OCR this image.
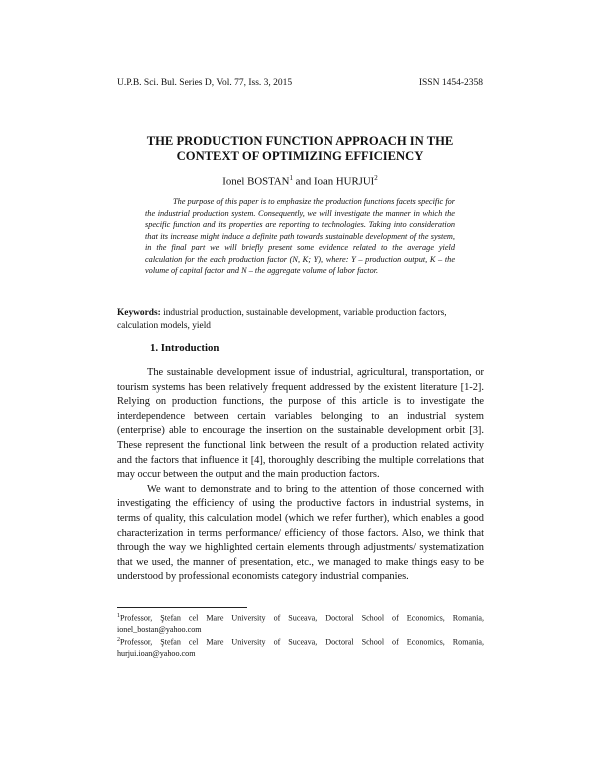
U.P.B. Sci. Bul. Series D, Vol. 77, Iss. 3, 2015	ISSN 1454-2358
THE PRODUCTION FUNCTION APPROACH IN THE
CONTEXT OF OPTIMIZING EFFICIENCY
Ionel BOSTAN$^1$ and Ioan HURJUI$^2$
The purpose of this paper is to emphasize the production functions facets specific for the industrial production system. Consequently, we will investigate the manner in which the specific function and its properties are reporting to technologies. Taking into consideration that its increase might induce a definite path towards sustainable development of the system, in the final part we will briefly present some evidence related to the average yield calculation for the each production factor (N, K; Y), where: Y – production output, K – the volume of capital factor and N – the aggregate volume of labor factor.
Keywords: industrial production, sustainable development, variable production factors, calculation models, yield
1. Introduction

The sustainable development issue of industrial, agricultural, transportation, or tourism systems has been relatively frequent addressed by the existent literature [1-2]. Relying on production functions, the purpose of this article is to investigate the interdependence between certain variables belonging to an industrial system (enterprise) able to encourage the insertion on the sustainable development orbit [3]. These represent the functional link between the result of a production related activity and the factors that influence it [4], thoroughly describing the multiple correlations that may occur between the output and the main production factors.

We want to demonstrate and to bring to the attention of those concerned with investigating the efficiency of using the productive factors in industrial systems, in terms of quality, this calculation model (which we refer further), which enables a good characterization in terms performance/ efficiency of those factors. Also, we think that through the way we highlighted certain elements through adjustments/ systematization that we used, the manner of presentation, etc., we managed to make things easy to be understood by professional economists category industrial companies.

$^1$Professor, Ştefan cel Mare University of Suceava, Doctoral School of Economics, Romania, ionel_bostan@yahoo.com

$^2$Professor, Ştefan cel Mare University of Suceava, Doctoral School of Economics, Romania, hurjui.ioan@yahoo.com
